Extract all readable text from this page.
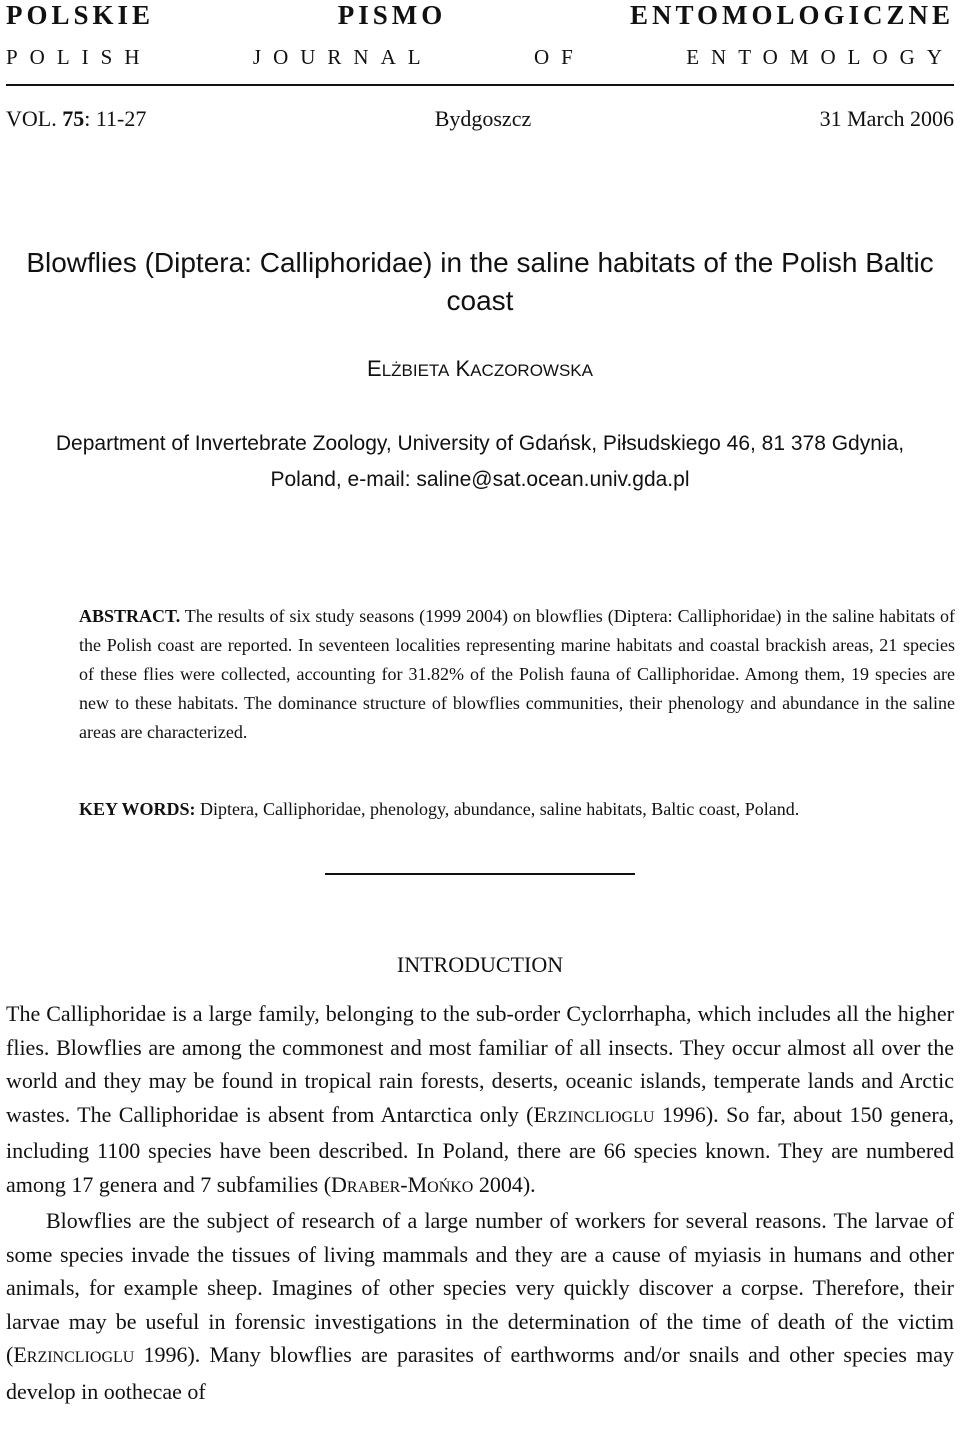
POLSKIE	PISMO	ENTOMOLOGICZNE
POLISH	JOURNAL	OF	ENTOMOLOGY
VOL. 75: 11-27	Bydgoszcz	31 March 2006
Blowflies (Diptera: Calliphoridae) in the saline habitats of the Polish Baltic coast
ELŻBIETA KACZOROWSKA
Department of Invertebrate Zoology, University of Gdańsk, Piłsudskiego 46, 81 378 Gdynia, Poland, e-mail: saline@sat.ocean.univ.gda.pl
ABSTRACT. The results of six study seasons (1999 2004) on blowflies (Diptera: Calliphoridae) in the saline habitats of the Polish coast are reported. In seventeen localities representing marine habitats and coastal brackish areas, 21 species of these flies were collected, accounting for 31.82% of the Polish fauna of Calliphoridae. Among them, 19 species are new to these habitats. The dominance structure of blowflies communities, their phenology and abundance in the saline areas are characterized.
KEY WORDS: Diptera, Calliphoridae, phenology, abundance, saline habitats, Baltic coast, Poland.
INTRODUCTION

The Calliphoridae is a large family, belonging to the sub-order Cyclorrhapha, which includes all the higher flies. Blowflies are among the commonest and most familiar of all insects. They occur almost all over the world and they may be found in tropical rain forests, deserts, oceanic islands, temperate lands and Arctic wastes. The Calliphoridae is absent from Antarctica only (ERZINCLIOGLU 1996). So far, about 150 genera, including 1100 species have been described. In Poland, there are 66 species known. They are numbered among 17 genera and 7 subfamilies (DRABER-MOŃKO 2004).

Blowflies are the subject of research of a large number of workers for several reasons. The larvae of some species invade the tissues of living mammals and they are a cause of myiasis in humans and other animals, for example sheep. Imagines of other species very quickly discover a corpse. Therefore, their larvae may be useful in forensic investigations in the determination of the time of death of the victim (ERZINCLIOGLU 1996). Many blowflies are parasites of earthworms and/or snails and other species may develop in oothecae of
